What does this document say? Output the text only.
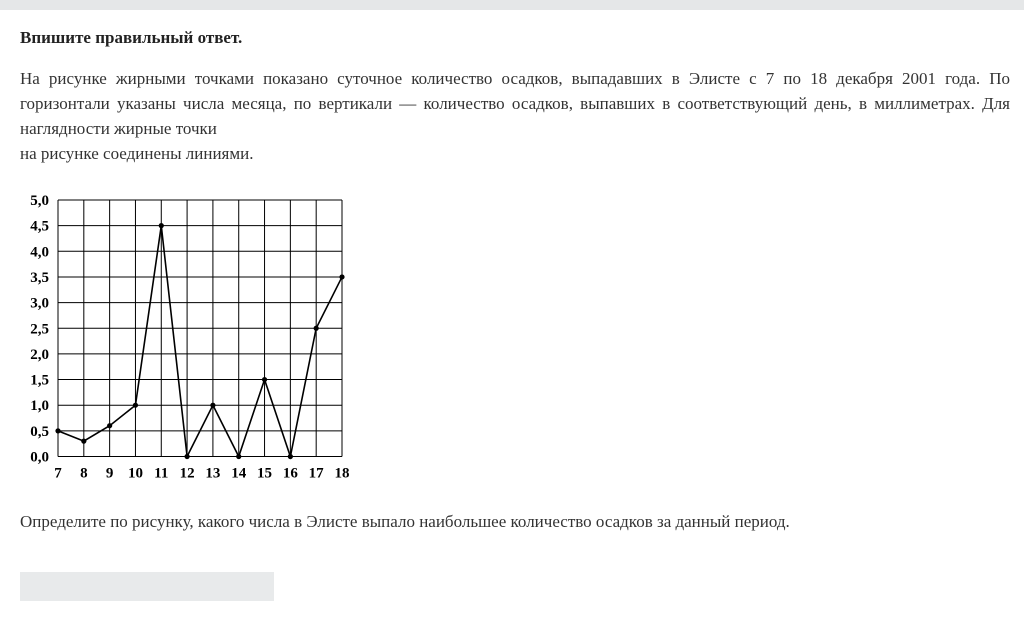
Впишите правильный ответ.

На рисунке жирными точками показано суточное количество осадков, выпадавших в Элисте с 7 по 18 декабря 2001 года. По горизонтали указаны числа месяца, по вертикали — количество осадков, выпавших в соответствующий день, в миллиметрах. Для наглядности жирные точки

на рисунке соединены линиями.

0,0
0,5
1,0
1,5
2,0
2,5
3,0
3,5
4,0
4,5
5,0
7 8 9 10 11 12 13 14 15 16 17 18
Определите по рисунку, какого числа в Элисте выпало наибольшее количество осадков за данный период.
